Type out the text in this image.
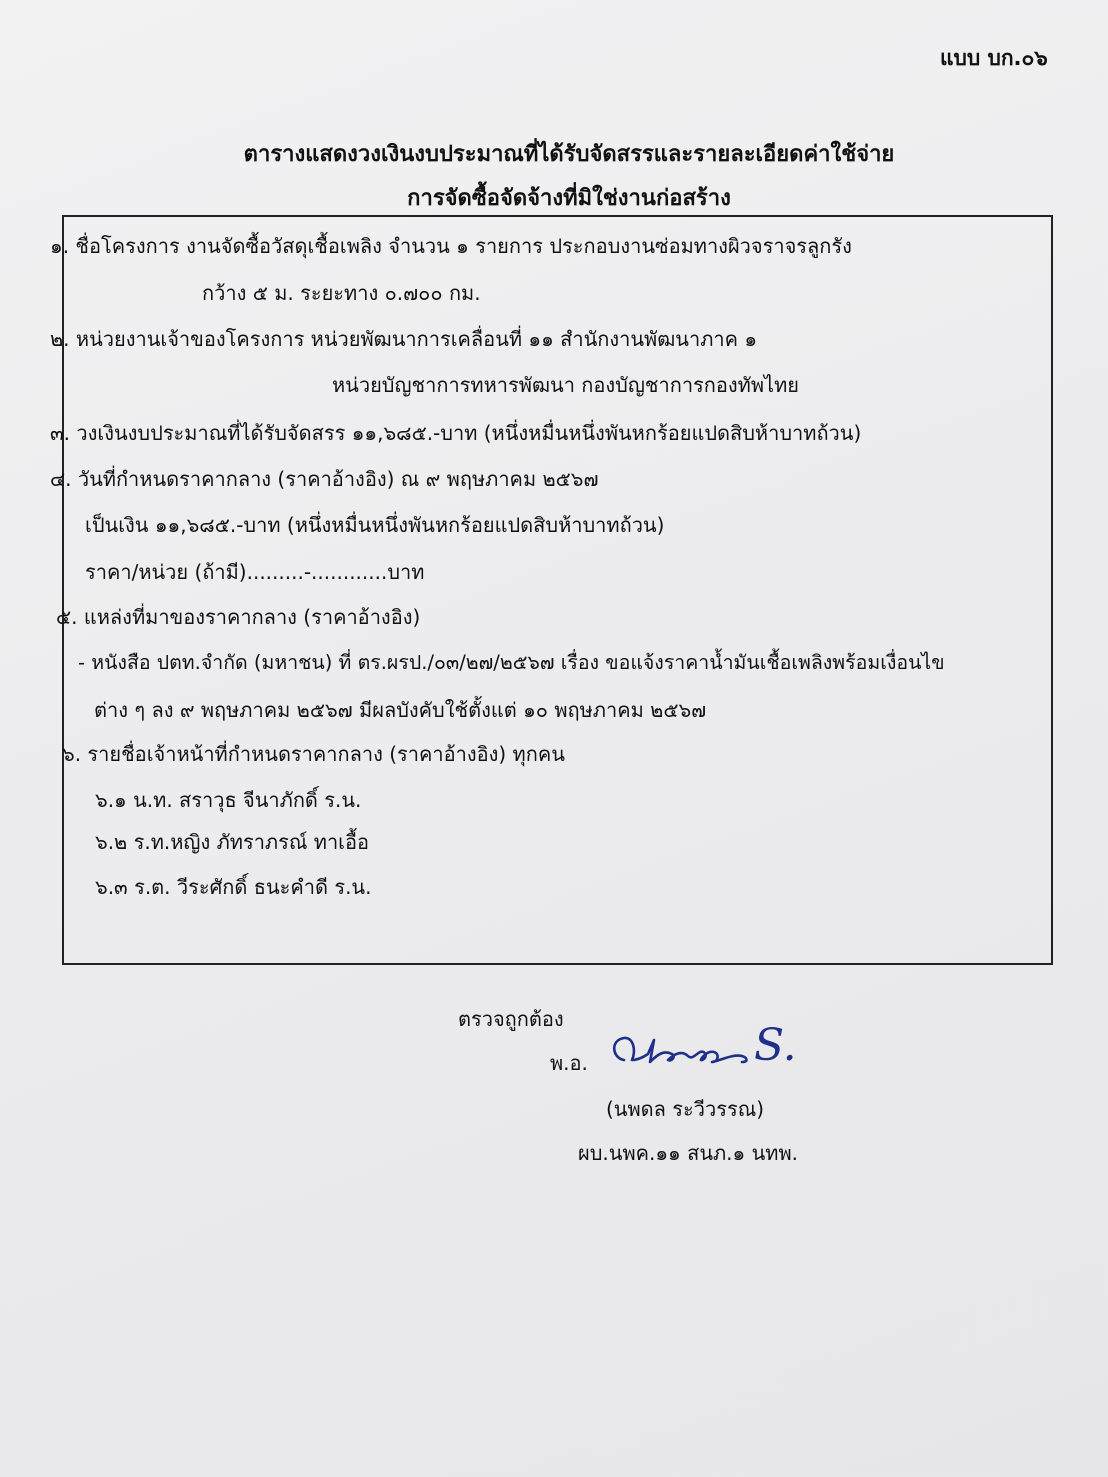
แบบ บก.๐๖
ตารางแสดงวงเงินงบประมาณที่ได้รับจัดสรรและรายละเอียดค่าใช้จ่าย
การจัดซื้อจัดจ้างที่มิใช่งานก่อสร้าง
๑. ชื่อโครงการ งานจัดซื้อวัสดุเชื้อเพลิง จำนวน ๑ รายการ ประกอบงานซ่อมทางผิวจราจรลูกรัง
กว้าง ๕ ม. ระยะทาง ๐.๗๐๐ กม.
๒. หน่วยงานเจ้าของโครงการ หน่วยพัฒนาการเคลื่อนที่ ๑๑ สำนักงานพัฒนาภาค ๑
หน่วยบัญชาการทหารพัฒนา กองบัญชาการกองทัพไทย
๓. วงเงินงบประมาณที่ได้รับจัดสรร ๑๑,๖๘๕.-บาท (หนึ่งหมื่นหนึ่งพันหกร้อยแปดสิบห้าบาทถ้วน)
๔. วันที่กำหนดราคากลาง (ราคาอ้างอิง) ณ ๙ พฤษภาคม ๒๕๖๗
เป็นเงิน ๑๑,๖๘๕.-บาท (หนึ่งหมื่นหนึ่งพันหกร้อยแปดสิบห้าบาทถ้วน)
ราคา/หน่วย (ถ้ามี).........-............บาท
๕. แหล่งที่มาของราคากลาง (ราคาอ้างอิง)
- หนังสือ ปตท.จำกัด (มหาชน) ที่ ตร.ผรป./๐๓/๒๗/๒๕๖๗ เรื่อง ขอแจ้งราคาน้ำมันเชื้อเพลิงพร้อมเงื่อนไข
ต่าง ๆ ลง ๙ พฤษภาคม ๒๕๖๗ มีผลบังคับใช้ตั้งแต่ ๑๐ พฤษภาคม ๒๕๖๗
๖. รายชื่อเจ้าหน้าที่กำหนดราคากลาง (ราคาอ้างอิง) ทุกคน
๖.๑ น.ท. สราวุธ จีนาภักดิ์ ร.น.
๖.๒ ร.ท.หญิง ภัทราภรณ์ ทาเอื้อ
๖.๓ ร.ต. วีระศักดิ์ ธนะคำดี ร.น.
ตรวจถูกต้อง
พ.อ.	S.
(นพดล ระวีวรรณ)
ผบ.นพค.๑๑ สนภ.๑ นทพ.
